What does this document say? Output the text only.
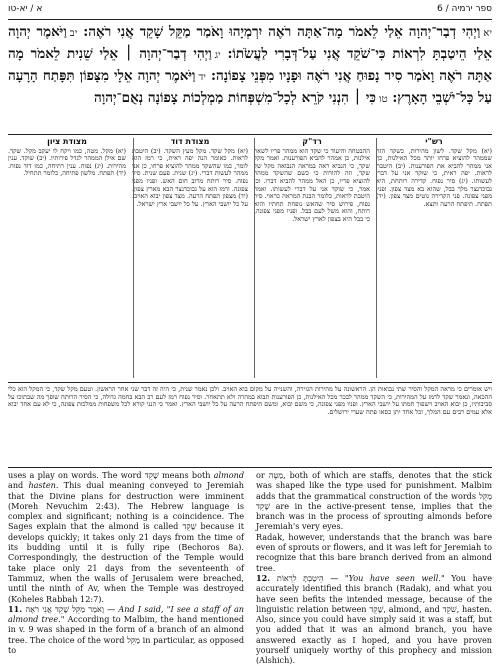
א / יא-טו	6 / ספר ירמיה
יאוַיְהִי דְבַר־יְהוָה אֵלַי לֵאמֹר מָה־אַתָּה רֹאֶה יִרְמְיָהוּ וָאֹמַר מַקֵּל שָׁקֵד אֲנִי רֹאֶה: יבוַיֹּאמֶר יְהוָה אֵלַי הֵיטַבְתָּ לִרְאוֹת כִּי־שֹׁקֵד אֲנִי עַל־דְּבָרִי לַעֲשֹׂתוֹ: יגוַיְהִי דְבַר־יְהוָה ׀ אֵלַי שֵׁנִית לֵאמֹר מָה אַתָּה רֹאֶה וָאֹמַר סִיר נָפוּחַ אֲנִי רֹאֶה וּפָנָיו מִפְּנֵי צָפוֹנָה: ידוַיֹּאמֶר יְהוָה אֵלָי מִצָּפוֹן תִּפָּתַח הָרָעָה עַל כָּל־יֹשְׁבֵי הָאָרֶץ: טוכִּי ׀ הִנְנִי קֹרֵא לְכָל־מִשְׁפְּחוֹת מַמְלְכוֹת צָפוֹנָה נְאֻם־יְהוָה
רש"י
(יא) מקל שקד. לשון מהירות, כשקד הזה שממהר להוציא פרחו יותר מכל האילנות, כך אני ממהר להביא את הפורענות. (יב) היטבת לראות. יפה ראית, כי שוקד אני על דברי לעשותו. (יג) סיר נפוח. קדירה רותחת, היא נבוכדנצר מלך בבל, שהוא בא מצד צפון. ופניו מפני צפונה. פני הקדירה נוטים מצד צפון. (יד) תפתח. תיפתח הרעה ותצא.
רד"ק
ההבטחה והיעוד כי שקד הוא ממהר פריו לשאר אילנות, כן אמהר להביא הפורענות. ואמר מקל שקד, כי הנביא ראה במראה הנבואה מקל של שקד, וזה להורות כי כשם שהשקד ממהר להוציא פריו, כן האל ממהר להביא דברו. וכן אמר, כי שוקד אני על דברי לעשותו. ואמר היטבת לראות, כלומר הבנת המראה כראוי. סיר נפוח, פירוש סיר שהאש נופחת תחתיו והוא רותח, והוא משל לעם בבל. ופניו מפני צפונה, כי בבל היא בצפון לארץ ישראל.
מצודת דוד
(יא) מקל שקד. מקל מעץ השקד. (יב) היטבת לראות. כאומר הנה יפה ראית, כי רמז הוא לומר, כמו שהשקד ממהר להוציא פרחו, כן אני ממהר לעשות דברי. (יג) שנית. פעם שנית. סיר נפוח. סיר רותח מרוב חום האש. ופניו מפני צפונה. ורמז הוא על נבוכדנצר הבא מארץ צפון. (יד) מצפון תפתח הרעה. מצד צפון יבוא האויב. על כל יושבי הארץ. על כל יושבי ארץ ישראל.
מצודת ציון
(יא) מקל. מטה, כמו ויקח לו יעקב מקל. שקד. שם אילן הממהר לגדל פירותיו. (יב) שוקד. ענין מהירות. (יג) נפוח. ענין רתיחה, כמו דוד נפוח. (יד) תפתח. מלשון פתיחה, כלומר תתחיל.
ויש אומרים כי מראה המקל והסיר שתי נבואות הן. הראשונה על מהירות הגזירה, והשנייה על מקום בוא האויב. ולכן נאמר שנית, כי היה זה דבר שני אחר הראשון. וטעם מקל שקד, כי המקל הוא כלי ההכאה, ונאמר שקד לרמז על המהירות, כי השקד ממהר לבכר מכל האילנות, כן הפורענות תבוא במהרה ולא תתאחר. וסיר נפוח רמז לעם רב הבא בחמה גדולה, כי הסיר הרותח שופך מה שבתוכו על סביבותיו, כן יבוא האויב וישפוך חמתו על יושבי הארץ. ופניו מפני צפונה, כי משם יבוא, ומשם תיפתח הרעה על כל יושבי הארץ. ואמר כי הנני קורא לכל משפחות ממלכות צפונה, כי לא עם אחד יבוא אלא עמים רבים עם המלך, וכל אחד יתן כסאו פתח שערי ירושלים.
uses a play on words. The word שָׁקֵד means both almond and hasten. This dual meaning conveyed to Jeremiah that the Divine plans for destruction were imminent (Moreh Nevuchim 2:43). The Hebrew language is complex and significant; nothing is a coincidence. The Sages explain that the almond is called שָׁקֵד because it develops quickly; it takes only 21 days from the time of its budding until it is fully ripe (Bechoros 8a). Correspondingly, the destruction of the Temple would take place only 21 days from the seventeenth of Tammuz, when the walls of Jerusalem were breached, until the ninth of Av, when the Temple was destroyed (Koheles Rabbah 12:7).
11. וָאֹמַר מַקֵּל שָׁקֵד אֲנִי רֹאֶה — And I said, "I see a staff of an almond tree." According to Malbim, the hand mentioned in v. 9 was shaped in the form of a branch of an almond tree. The choice of the word מַקֵּל in particular, as opposed to
or מַטֶּה, both of which are staffs, denotes that the stick was shaped like the type used for punishment. Malbim adds that the grammatical construction of the words מַקֵּל שָׁקֵד are in the active-present tense, implies that the branch was in the process of sprouting almonds before Jeremiah's very eyes.
Radak, however, understands that the branch was bare even of sprouts or flowers, and it was left for Jeremiah to recognize that this bare branch derived from an almond tree.
12. הֵיטַבְתָּ לִרְאוֹת — "You have seen well." You have accurately identified this branch (Radak), and what you have seen befits the intended message, because of the linguistic relation between שָׁקֵד, almond, and שֹׁקֵד, hasten. Also, since you could have simply said it was a staff, but you added that it was an almond branch, you have answered exactly as I hoped, and you have proven yourself uniquely worthy of this prophecy and mission (Alshich).
